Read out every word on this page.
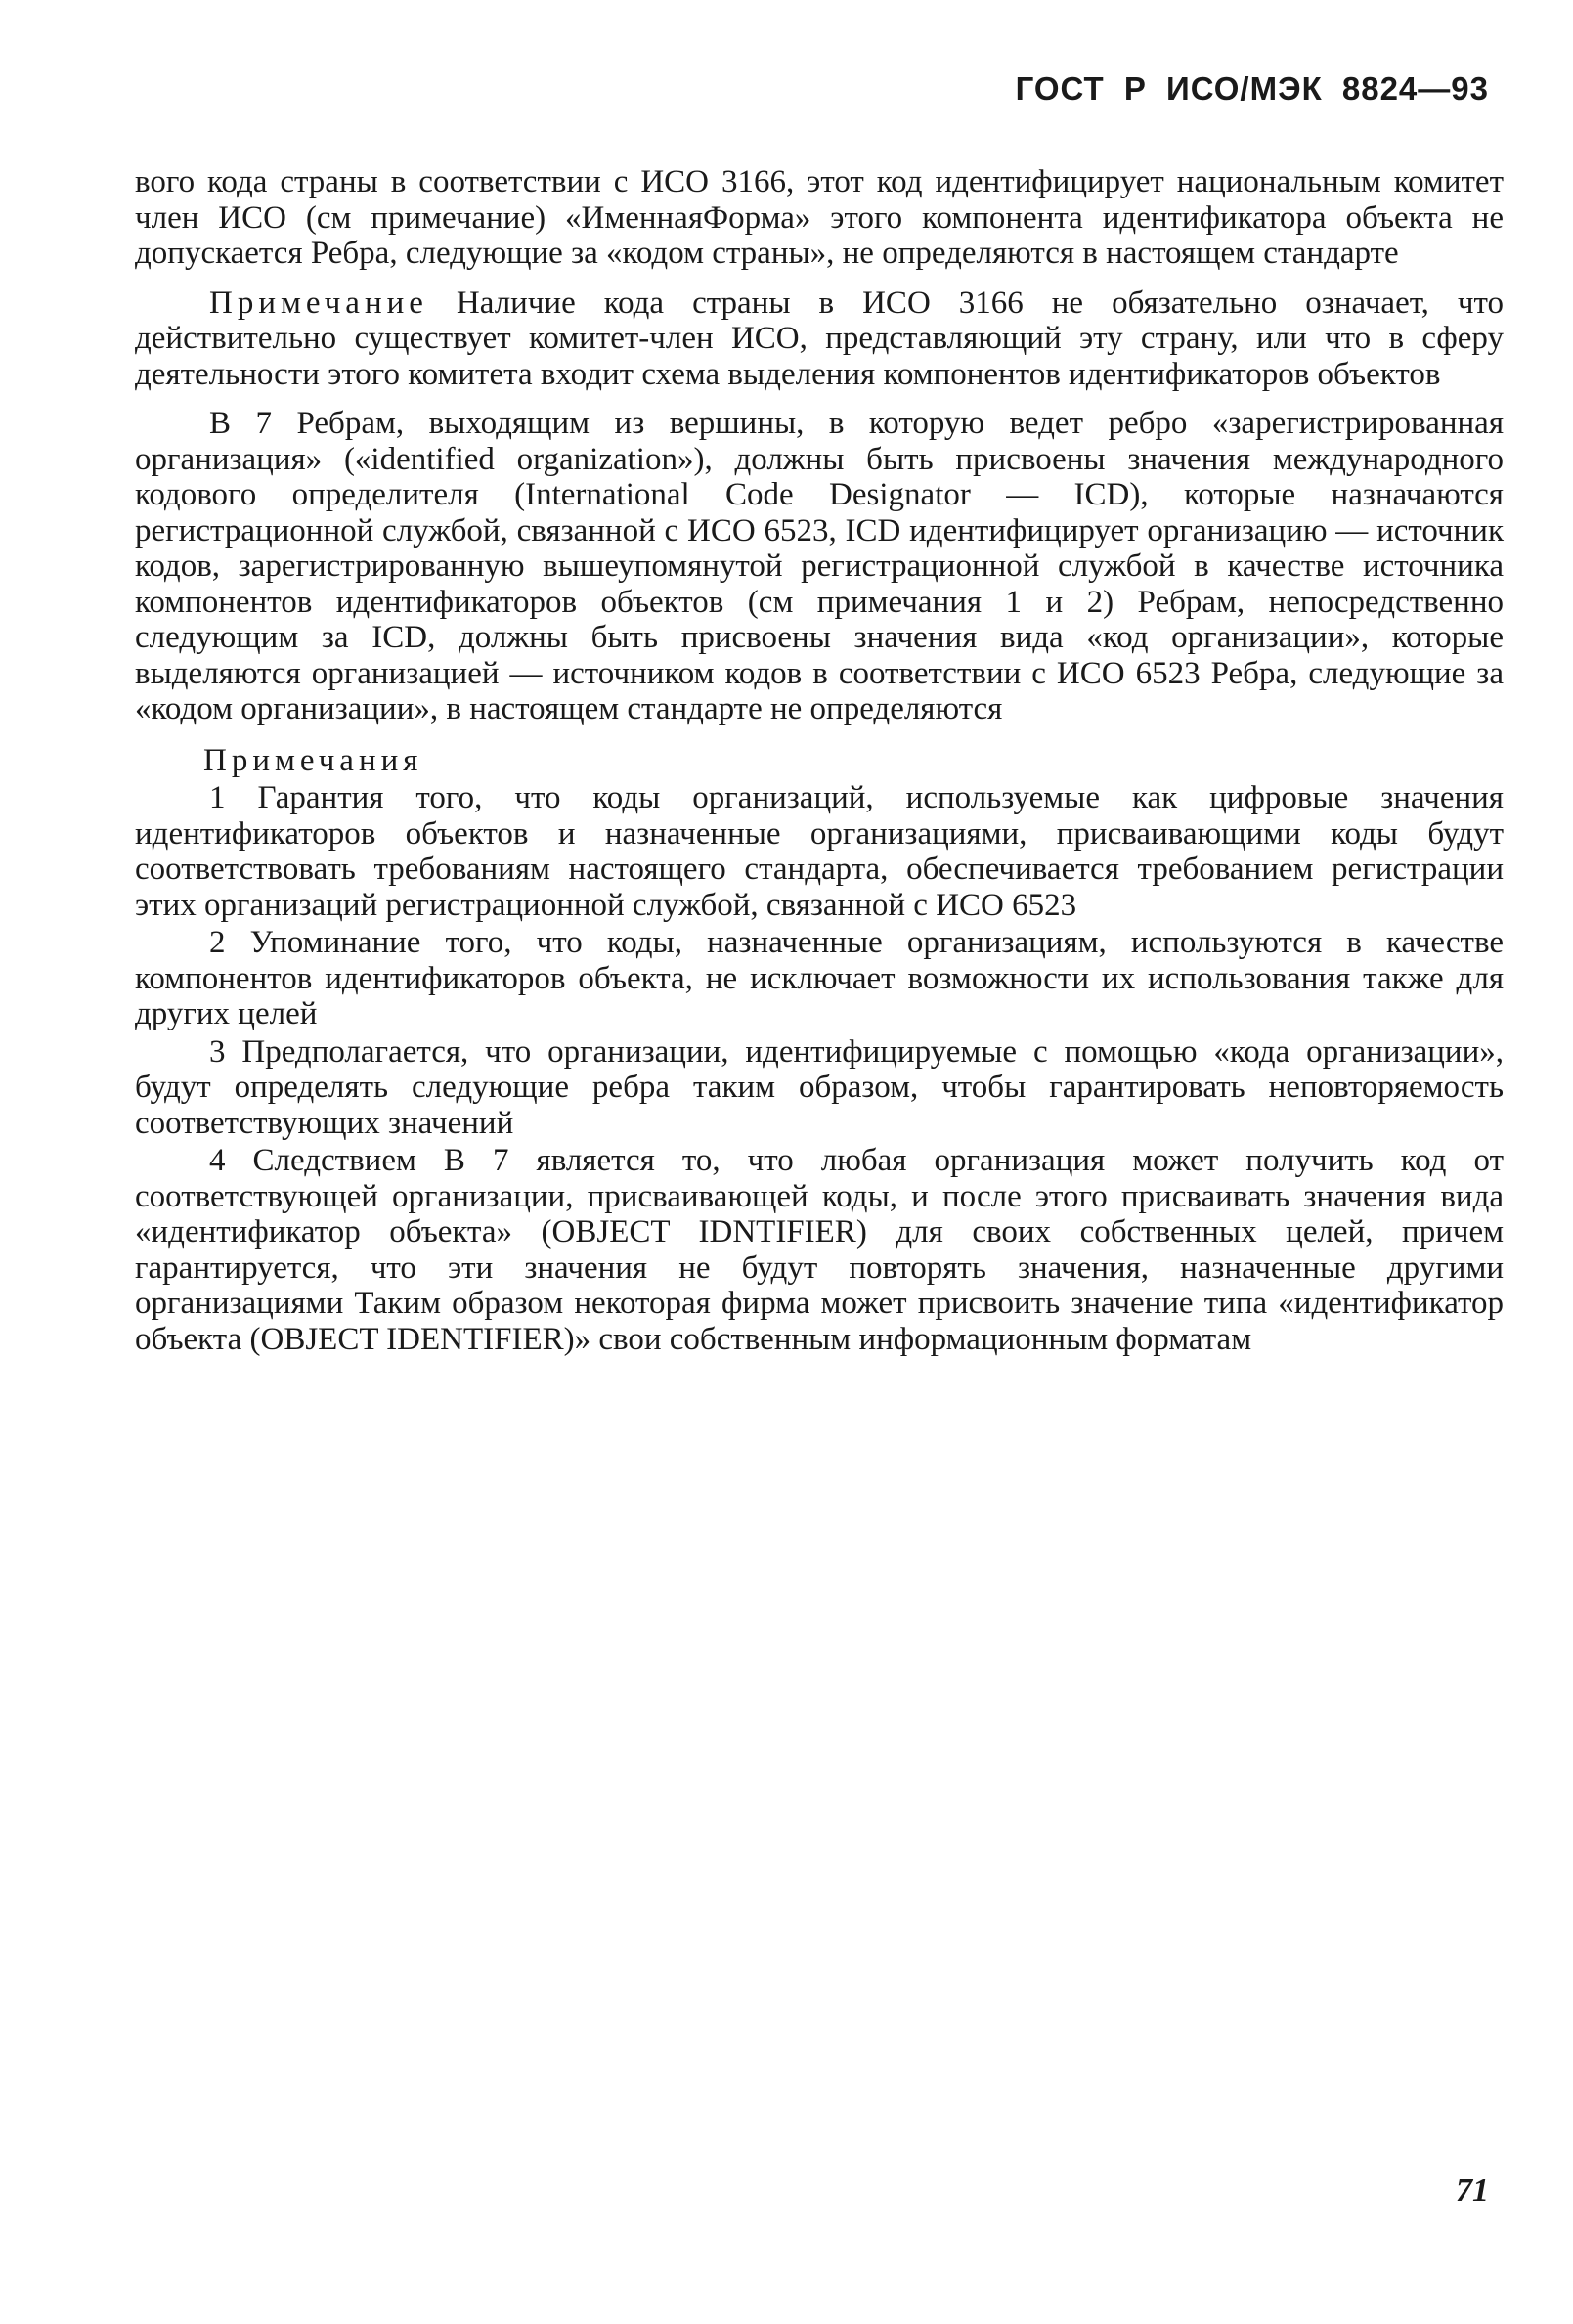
ГОСТ Р ИСО/МЭК 8824—93

вого кода страны в соответствии с ИСО 3166, этот код идентифицирует национальным комитет член ИСО (см примечание) «ИменнаяФорма» этого компонента идентификатора объекта не допускается Ребра, следующие за «кодом страны», не определяются в настоящем стандарте

Примечание Наличие кода страны в ИСО 3166 не обязательно означает, что действительно существует комитет-член ИСО, представляющий эту страну, или что в сферу деятельности этого комитета входит схема выделения компонентов идентификаторов объектов

В 7 Ребрам, выходящим из вершины, в которую ведет ребро «зарегистрированная организация» («identified organization»), должны быть присвоены значения международного кодового определителя (International Code Designator — ICD), которые назначаются регистрационной службой, связанной с ИСО 6523, ICD идентифицирует организацию — источник кодов, зарегистрированную вышеупомянутой регистрационной службой в качестве источника компонентов идентификаторов объектов (см примечания 1 и 2) Ребрам, непосредственно следующим за ICD, должны быть присвоены значения вида «код организации», которые выделяются организацией — источником кодов в соответствии с ИСО 6523 Ребра, следующие за «кодом организации», в настоящем стандарте не определяются

Примечания
1 Гарантия того, что коды организаций, используемые как цифровые значения идентификаторов объектов и назначенные организациями, присваивающими коды будут соответствовать требованиям настоящего стандарта, обеспечивается требованием регистрации этих организаций регистрационной службой, связанной с ИСО 6523
2 Упоминание того, что коды, назначенные организациям, используются в качестве компонентов идентификаторов объекта, не исключает возможности их использования также для других целей
3 Предполагается, что организации, идентифицируемые с помощью «кода организации», будут определять следующие ребра таким образом, чтобы гарантировать неповторяемость соответствующих значений
4 Следствием В 7 является то, что любая организация может получить код от соответствующей организации, присваивающей коды, и после этого присваивать значения вида «идентификатор объекта» (OBJECT IDNTIFIER) для своих собственных целей, причем гарантируется, что эти значения не будут повторять значения, назначенные другими организациями Таким образом некоторая фирма может присвоить значение типа «идентификатор объекта (OBJECT IDENTIFIER)» свои собственным информационным форматам
71
